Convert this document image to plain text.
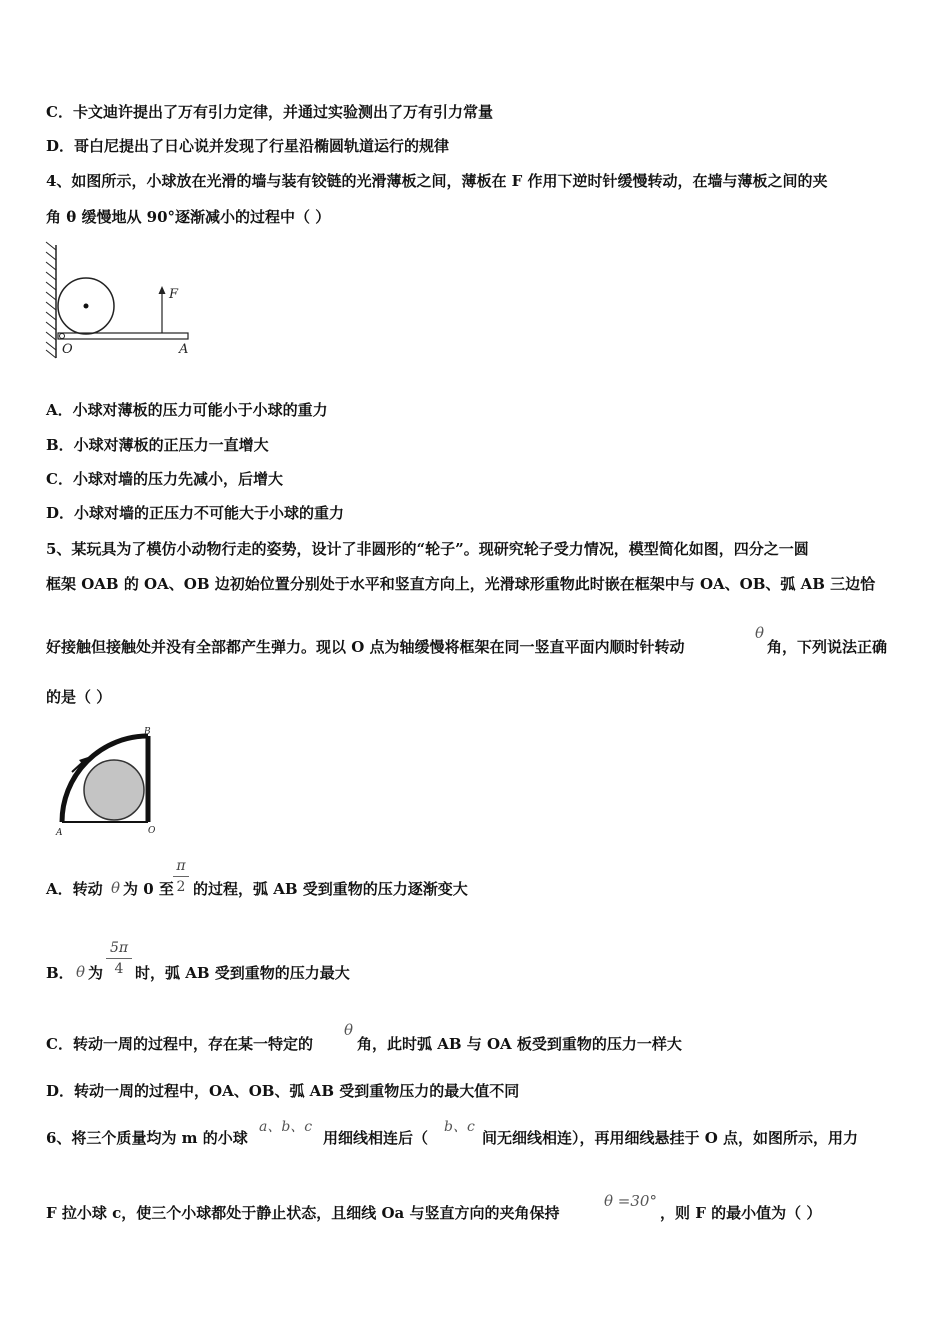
C．卡文迪许提出了万有引力定律，并通过实验测出了万有引力常量
D．哥白尼提出了日心说并发现了行星沿椭圆轨道运行的规律
4、如图所示，小球放在光滑的墙与装有铰链的光滑薄板之间，薄板在 F 作用下逆时针缓慢转动，在墙与薄板之间的夹
角 θ 缓慢地从 90°逐渐减小的过程中（ ）
F
O	A
A．小球对薄板的压力可能小于小球的重力
B．小球对薄板的正压力一直增大
C．小球对墙的压力先减小，后增大
D．小球对墙的正压力不可能大于小球的重力
5、某玩具为了模仿小动物行走的姿势，设计了非圆形的“轮子”。现研究轮子受力情况，模型简化如图，四分之一圆
框架 OAB 的 OA、OB 边初始位置分别处于水平和竖直方向上，光滑球形重物此时嵌在框架中与 OA、OB、弧 AB 三边恰
好接触但接触处并没有全部都产生弹力。现以 O 点为轴缓慢将框架在同一竖直平面内顺时针转动
θ
角，下列说法正确
的是（ ）
A
B
O
A．转动 θ 为 0 至
π
2 的过程，弧 AB 受到重物的压力逐渐变大
B． θ 为
5π
4 时，弧 AB 受到重物的压力最大
C．转动一周的过程中，存在某一特定的
θ
角，此时弧 AB 与 OA 板受到重物的压力一样大
D．转动一周的过程中，OA、OB、弧 AB 受到重物压力的最大值不同
6、将三个质量均为 m 的小球
a、b、c
用细线相连后（
b、c
间无细线相连），再用细线悬挂于 O 点，如图所示，用力
F 拉小球 c，使三个小球都处于静止状态，且细线 Oa 与竖直方向的夹角保持
θ =30°
，则 F 的最小值为（ ）
